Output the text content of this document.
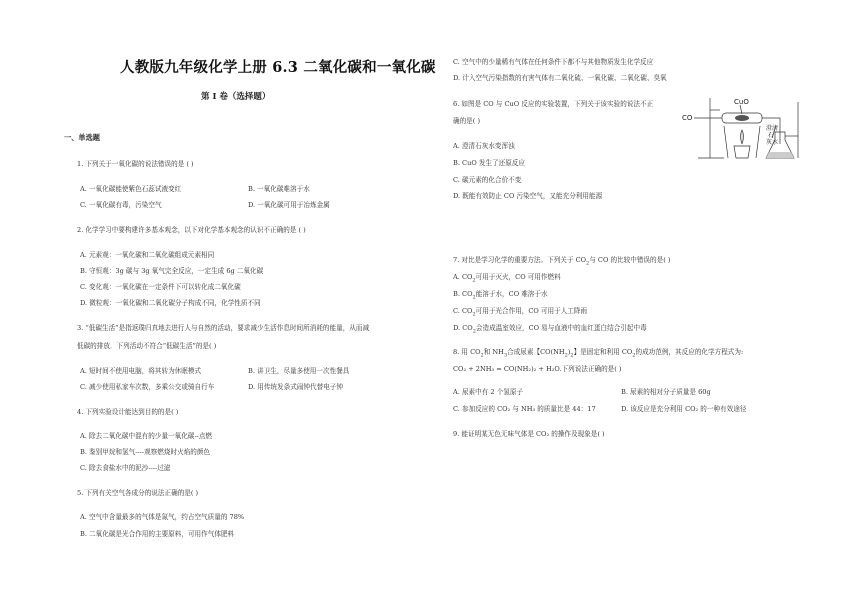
人教版九年级化学上册 6.3 二氧化碳和一氧化碳
第 I 卷（选择题）
一、单选题
1. 下列关于一氧化碳的说法错误的是 ( )
A. 一氧化碳能使紫色石蕊试液变红	B. 一氧化碳难溶于水
C. 一氧化碳有毒，污染空气	D. 一氧化碳可用于冶炼金属
2. 化学学习中要构建许多基本观念，以下对化学基本观念的认识不正确的是 ( )
A. 元素观：一氧化碳和二氧化碳组成元素相同
B. 守恒观：3g 碳与 3g 氧气完全反应，一定生成 6g 二氧化碳
C. 变化观：一氧化碳在一定条件下可以转化成二氧化碳
D. 微粒观：一氧化碳和二氧化碳分子构成不同，化学性质不同
3. “低碳生活”是指返璞归真地去进行人与自然的活动，要求减少生活作息时间所消耗的能量，从而减
低碳的排放．下列活动不符合“低碳生活”的是( )
A. 短时间不使用电脑，将其转为休眠模式	B. 讲卫生，尽量多使用一次性餐具
C. 减少使用私家车次数，多乘公交或骑自行车	D. 用传统发条式闹钟代替电子钟
4. 下列实验设计能达到目的的是( )
A. 除去二氧化碳中混有的少量一氧化碳--点燃
B. 鉴别甲烷和氢气----观察燃烧时火焰的颜色
C. 除去食盐水中的泥沙----过滤
5. 下列有关空气各成分的说法正确的是( )
A. 空气中含量最多的气体是氮气，约占空气质量的 78%
B. 二氧化碳是光合作用的主要原料，可用作气体肥料
C. 空气中的少量稀有气体在任何条件下都不与其他物质发生化学反应
D. 计入空气污染指数的有害气体有二氧化硫、一氧化碳、二氧化碳、臭氧
6. 如图是 CO 与 CuO 反应的实验装置，下列关于该实验的说法不正
确的是( )
A. 澄清石灰水变浑浊
B. CuO 发生了还原反应
C. 碳元素的化合价不变
D. 既能有效防止 CO 污染空气，又能充分利用能源
CO
CuO
澄清
石
灰水
7. 对比是学习化学的重要方法。下列关于 $CO_2$与 CO 的比较中错误的是( )
A. $CO_2$可用于灭火，CO 可用作燃料
B. $CO_2$能溶于水，CO 难溶于水
C. $CO_2$可用于光合作用，CO 可用于人工降雨
D. $CO_2$会造成温室效应，CO 易与血液中的血红蛋白结合引起中毒
8. 用 $CO_2$和 $NH_3$合成尿素【$CO(NH_2)_2$】是固定和利用 $CO_2$的成功范例，其反应的化学方程式为:
CO₂ + 2NH₃ = CO(NH₂)₂ + H₂O.下列说法正确的是( )
A. 尿素中有 2 个氢原子	B. 尿素的相对分子质量是 60g
C. 参加反应的 CO₂ 与 NH₃ 的质量比是 44：17	D. 该反应是充分利用 CO₂ 的一种有效途径
9. 能证明某无色无味气体是 CO₂ 的操作及现象是( )
